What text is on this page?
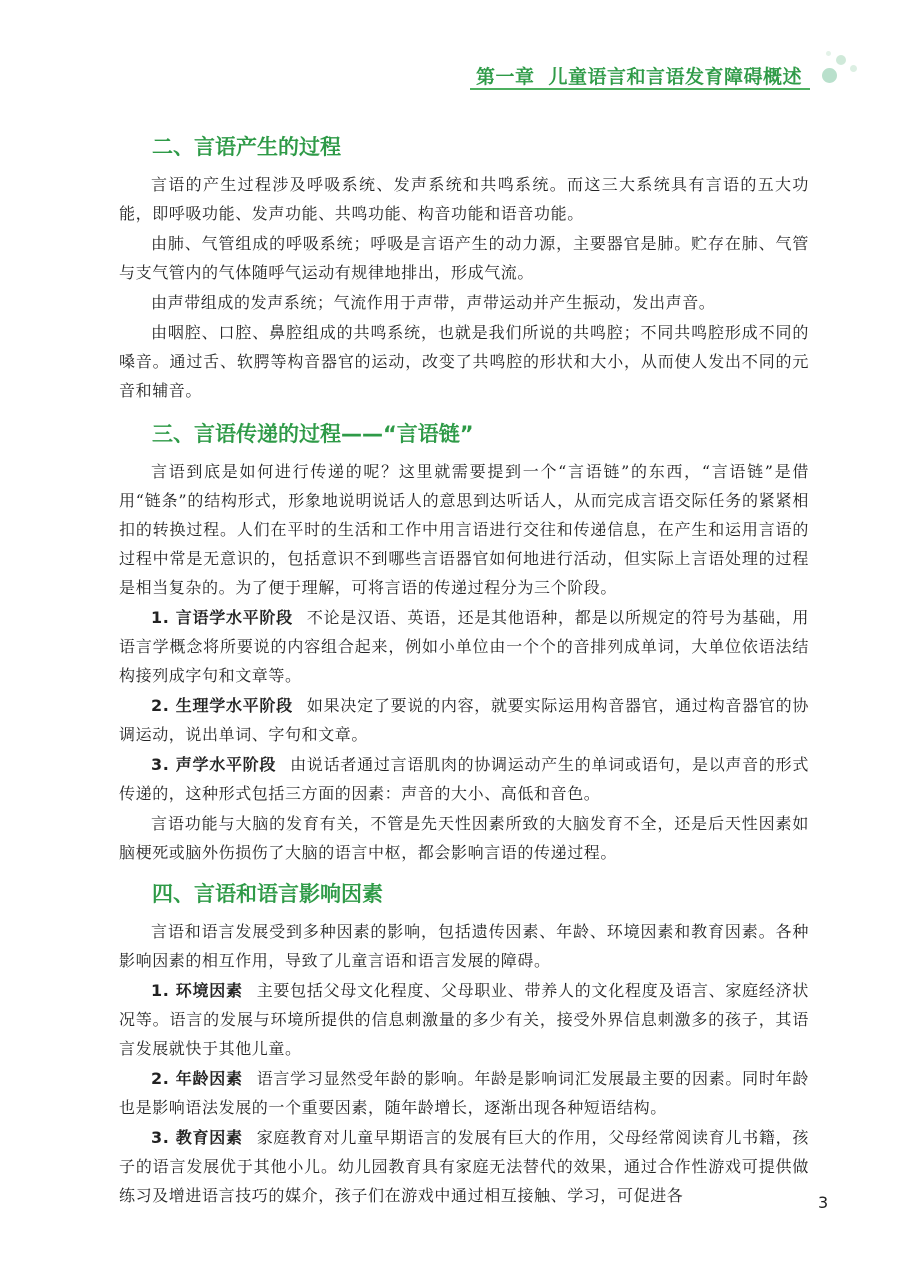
第一章 儿童语言和言语发育障碍概述
二、言语产生的过程

言语的产生过程涉及呼吸系统、发声系统和共鸣系统。而这三大系统具有言语的五大功能，即呼吸功能、发声功能、共鸣功能、构音功能和语音功能。

由肺、气管组成的呼吸系统；呼吸是言语产生的动力源，主要器官是肺。贮存在肺、气管与支气管内的气体随呼气运动有规律地排出，形成气流。

由声带组成的发声系统；气流作用于声带，声带运动并产生振动，发出声音。

由咽腔、口腔、鼻腔组成的共鸣系统，也就是我们所说的共鸣腔；不同共鸣腔形成不同的嗓音。通过舌、软腭等构音器官的运动，改变了共鸣腔的形状和大小，从而使人发出不同的元音和辅音。

三、言语传递的过程——“言语链”

言语到底是如何进行传递的呢？这里就需要提到一个“言语链”的东西，“言语链”是借用“链条”的结构形式，形象地说明说话人的意思到达听话人，从而完成言语交际任务的紧紧相扣的转换过程。人们在平时的生活和工作中用言语进行交往和传递信息，在产生和运用言语的过程中常是无意识的，包括意识不到哪些言语器官如何地进行活动，但实际上言语处理的过程是相当复杂的。为了便于理解，可将言语的传递过程分为三个阶段。

1. 言语学水平阶段 不论是汉语、英语，还是其他语种，都是以所规定的符号为基础，用语言学概念将所要说的内容组合起来，例如小单位由一个个的音排列成单词，大单位依语法结构接列成字句和文章等。

2. 生理学水平阶段 如果决定了要说的内容，就要实际运用构音器官，通过构音器官的协调运动，说出单词、字句和文章。

3. 声学水平阶段 由说话者通过言语肌肉的协调运动产生的单词或语句，是以声音的形式传递的，这种形式包括三方面的因素：声音的大小、高低和音色。

言语功能与大脑的发育有关，不管是先天性因素所致的大脑发育不全，还是后天性因素如脑梗死或脑外伤损伤了大脑的语言中枢，都会影响言语的传递过程。

四、言语和语言影响因素

言语和语言发展受到多种因素的影响，包括遗传因素、年龄、环境因素和教育因素。各种影响因素的相互作用，导致了儿童言语和语言发展的障碍。

1. 环境因素 主要包括父母文化程度、父母职业、带养人的文化程度及语言、家庭经济状况等。语言的发展与环境所提供的信息刺激量的多少有关，接受外界信息刺激多的孩子，其语言发展就快于其他儿童。

2. 年龄因素 语言学习显然受年龄的影响。年龄是影响词汇发展最主要的因素。同时年龄也是影响语法发展的一个重要因素，随年龄增长，逐渐出现各种短语结构。

3. 教育因素 家庭教育对儿童早期语言的发展有巨大的作用，父母经常阅读育儿书籍，孩子的语言发展优于其他小儿。幼儿园教育具有家庭无法替代的效果，通过合作性游戏可提供做练习及增进语言技巧的媒介，孩子们在游戏中通过相互接触、学习，可促进各	3
